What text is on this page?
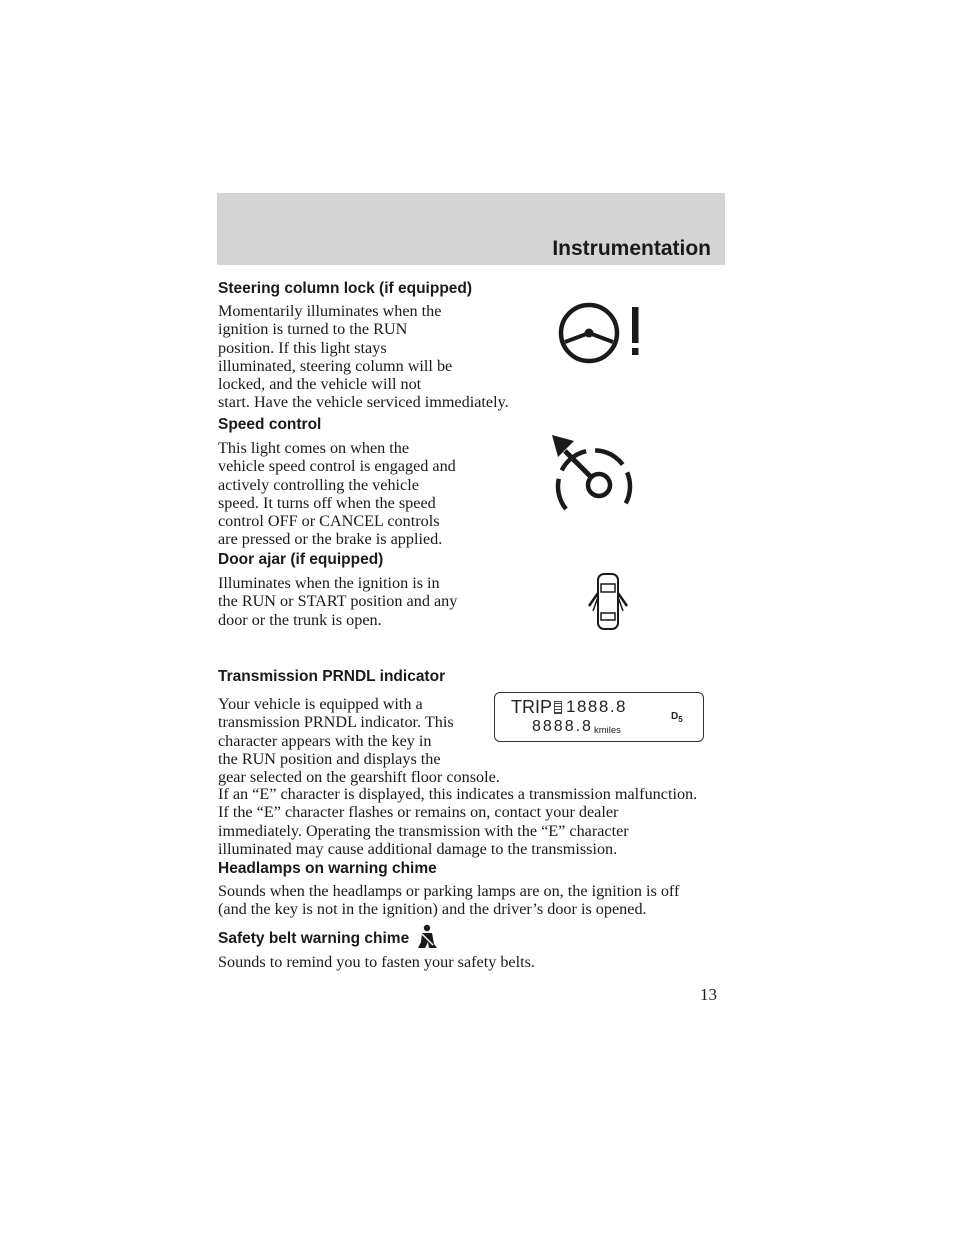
Instrumentation
Steering column lock (if equipped)
Momentarily illuminates when the
ignition is turned to the RUN
position. If this light stays
illuminated, steering column will be
locked, and the vehicle will not
start. Have the vehicle serviced immediately.
Speed control
This light comes on when the
vehicle speed control is engaged and
actively controlling the vehicle
speed. It turns off when the speed
control OFF or CANCEL controls
are pressed or the brake is applied.
Door ajar (if equipped)
Illuminates when the ignition is in
the RUN or START position and any
door or the trunk is open.
Transmission PRNDL indicator
Your vehicle is equipped with a
transmission PRNDL indicator. This
character appears with the key in
the RUN position and displays the
gear selected on the gearshift floor console.
TRIP 1888.8
8888.8 kmiles
$D_5$
If an “E” character is displayed, this indicates a transmission malfunction.
If the “E” character flashes or remains on, contact your dealer
immediately. Operating the transmission with the “E” character
illuminated may cause additional damage to the transmission.
Headlamps on warning chime
Sounds when the headlamps or parking lamps are on, the ignition is off
(and the key is not in the ignition) and the driver’s door is opened.
Safety belt warning chime
Sounds to remind you to fasten your safety belts.
13
